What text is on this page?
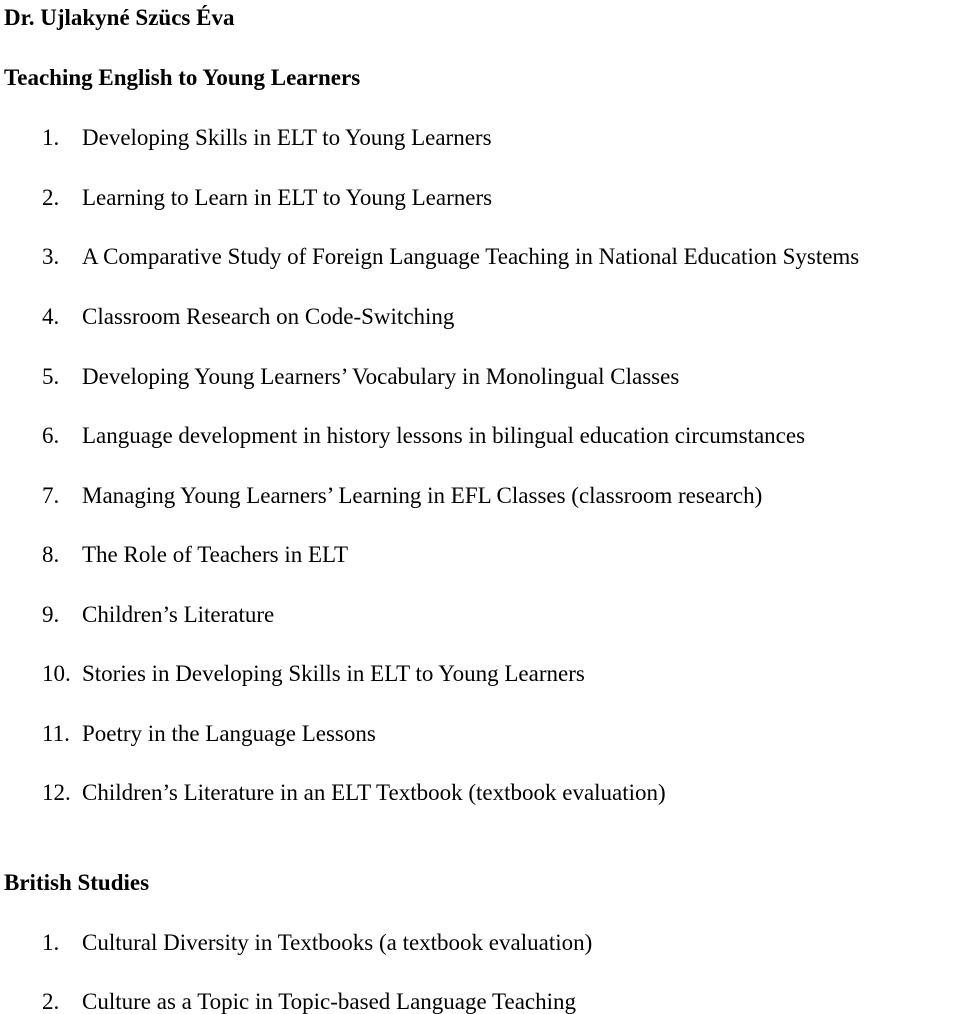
Dr. Ujlakyné Szücs Éva
Teaching English to Young Learners
1. Developing Skills in ELT to Young Learners
2. Learning to Learn in ELT to Young Learners
3. A Comparative Study of Foreign Language Teaching in National Education Systems
4. Classroom Research on Code-Switching
5. Developing Young Learners’ Vocabulary in Monolingual Classes
6. Language development in history lessons in bilingual education circumstances
7. Managing Young Learners’ Learning in EFL Classes (classroom research)
8. The Role of Teachers in ELT
9. Children’s Literature
10. Stories in Developing Skills in ELT to Young Learners
11. Poetry in the Language Lessons
12. Children’s Literature in an ELT Textbook (textbook evaluation)
British Studies
1. Cultural Diversity in Textbooks (a textbook evaluation)
2. Culture as a Topic in Topic-based Language Teaching
